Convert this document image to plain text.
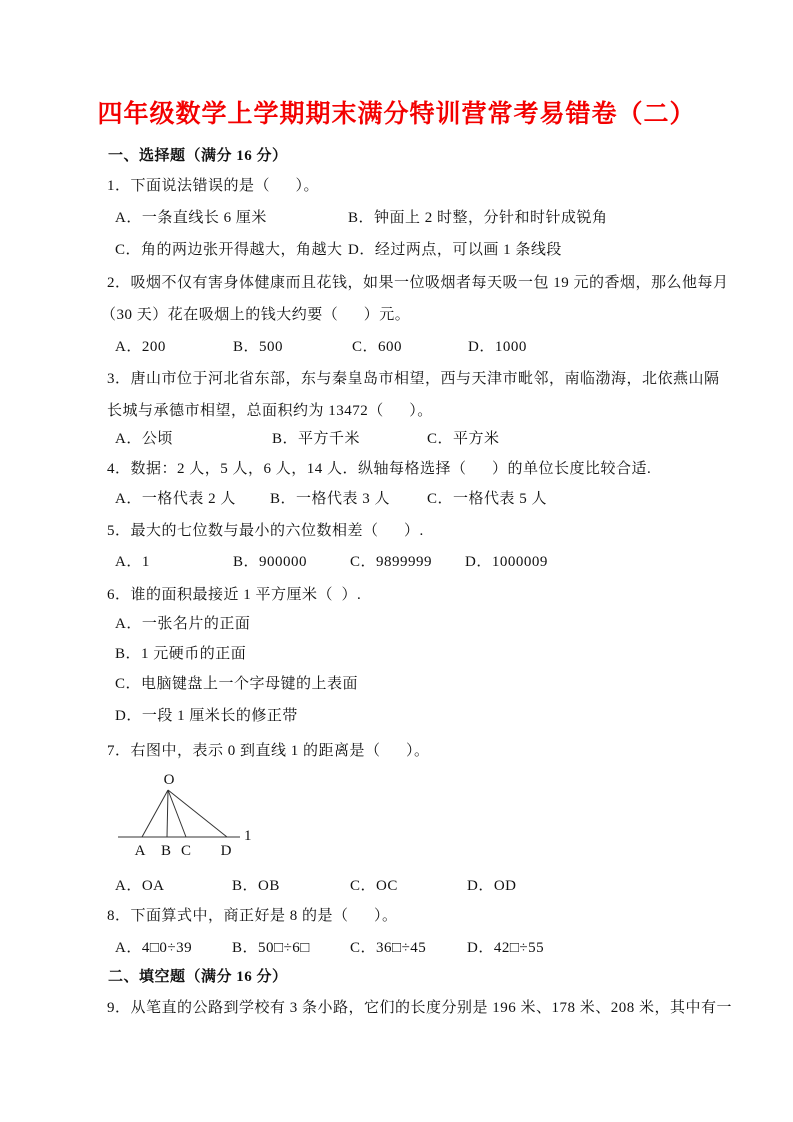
四年级数学上学期期末满分特训营常考易错卷（二）
一、选择题（满分 16 分）
1．下面说法错误的是（      ）。
A．一条直线长 6 厘米	B．钟面上 2 时整，分针和时针成锐角
C．角的两边张开得越大，角越大 D．经过两点，可以画 1 条线段
2．吸烟不仅有害身体健康而且花钱，如果一位吸烟者每天吸一包 19 元的香烟，那么他每月
（30 天）花在吸烟上的钱大约要（      ）元。
A．200	B．500	C．600	D．1000
3．唐山市位于河北省东部，东与秦皇岛市相望，西与天津市毗邻，南临渤海，北依燕山隔
长城与承德市相望，总面积约为 13472（      ）。
A．公顷	B．平方千米	C．平方米
4．数据：2 人，5 人，6 人，14 人．纵轴每格选择（      ）的单位长度比较合适.
A．一格代表 2 人 B．一格代表 3 人 C．一格代表 5 人
5．最大的七位数与最小的六位数相差（      ）.
A．1	B．900000	C．9899999 D．1000009
6．谁的面积最接近 1 平方厘米（  ）.
A．一张名片的正面
B．1 元硬币的正面
C．电脑键盘上一个字母键的上表面
D．一段 1 厘米长的修正带
7．右图中，表示 0 到直线 1 的距离是（      ）。
O
1
A B C D
A．OA	B．OB	C．OC	D．OD
8．下面算式中，商正好是 8 的是（      ）。
A．4□0÷39	B．50□÷6□	C．36□÷45	D．42□÷55
二、填空题（满分 16 分）
9．从笔直的公路到学校有 3 条小路，它们的长度分别是 196 米、178 米、208 米，其中有一
